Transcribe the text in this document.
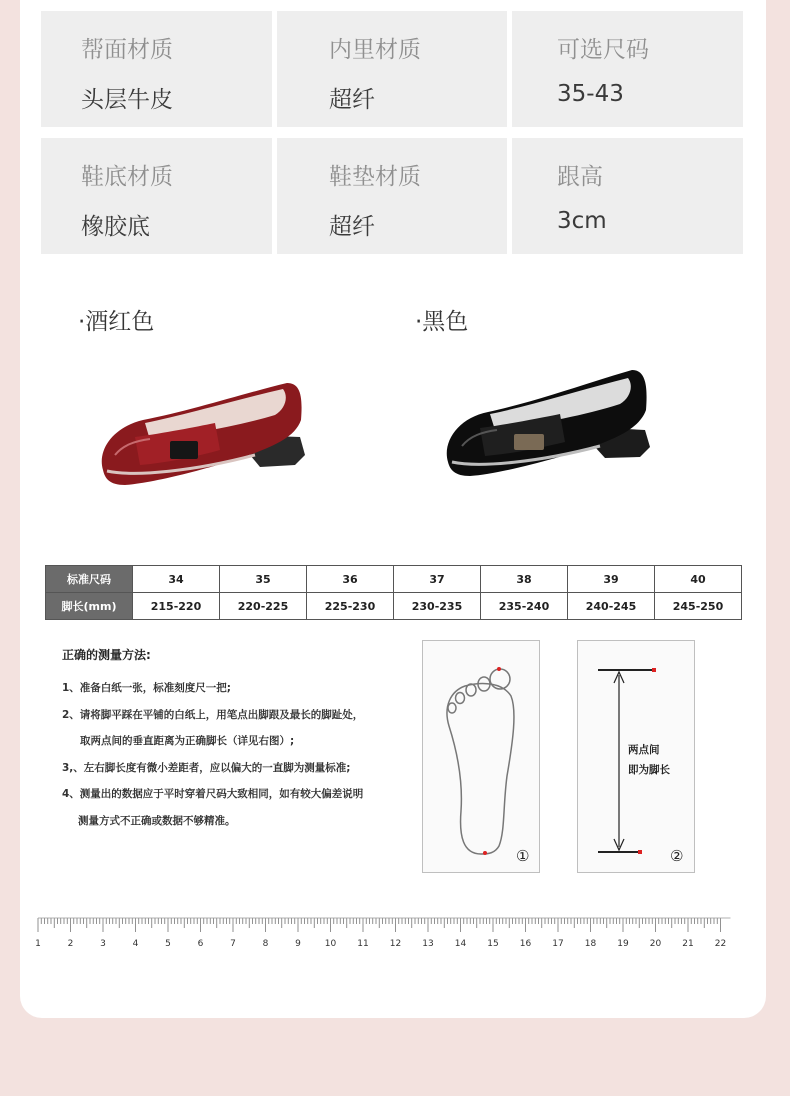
帮面材质
头层牛皮
内里材质
超纤
可选尺码
35-43
鞋底材质
橡胶底
鞋垫材质
超纤
跟高
3cm
·酒红色	·黑色
标准尺码	34	35	36	37	38	39	40
脚长(mm)	215-220	220-225	225-230	230-235	235-240	240-245	245-250
正确的测量方法:
1、准备白纸一张，标准刻度尺一把;
2、请将脚平踩在平铺的白纸上，用笔点出脚跟及最长的脚趾处，
取两点间的垂直距离为正确脚长（详见右图）;
3,、左右脚长度有微小差距者，应以偏大的一直脚为测量标准;
4、测量出的数据应于平时穿着尺码大致相同，如有较大偏差说明
测量方式不正确或数据不够精准。
①
两点间
即为脚长
②
1	2	3	4	5	6	7	8	9	10 11 12 13 14 15 16 17 18 19 20 21 22
